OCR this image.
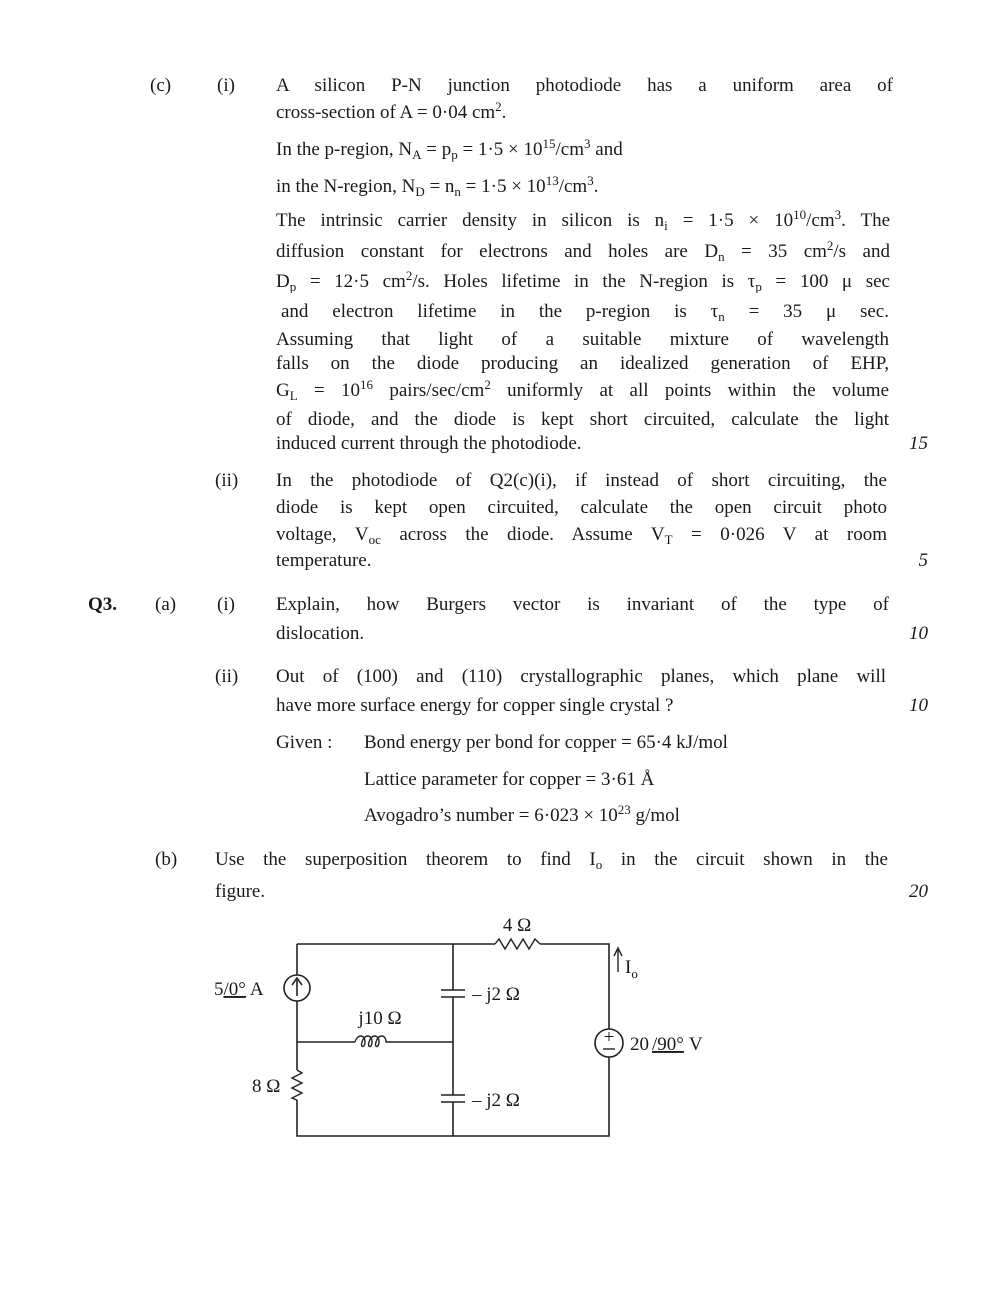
(c) (i) A silicon P-N junction photodiode has a uniform area of
cross-section of A = 0·04 $cm^2$.
In the p-region, $N_A = p_p = 1\cdot 5 \times 10^{15}/cm^3$ and
in the N-region, $N_D = n_n = 1\cdot 5 \times 10^{13}/cm^3$.
The intrinsic carrier density in silicon is $n_i = 1\cdot 5 \times 10^{10}/cm^3$. The
diffusion constant for electrons and holes are $D_n = 35$ $cm^2/s$ and
$D_p = 12\cdot 5$ $cm^2/s$. Holes lifetime in the N-region is $\tau_p = 100$ μ sec
and electron lifetime in the p-region is $\tau_n = 35$ μ sec.
Assuming that light of a suitable mixture of wavelength
falls on the diode producing an idealized generation of EHP,
$G_L = 10^{16}$ pairs/$\sec/cm^2$ uniformly at all points within the volume
of diode, and the diode is kept short circuited, calculate the light
induced current through the photodiode.	15
(ii) In the photodiode of Q2(c)(i), if instead of short circuiting, the
diode is kept open circuited, calculate the open circuit photo
voltage, $V_{oc}$ across the diode. Assume $V_T = 0\cdot 026$ V at room
temperature.	5
Q3. (a) (i) Explain, how Burgers vector is invariant of the type of
dislocation.	10
(ii) Out of (100) and (110) crystallographic planes, which plane will
have more surface energy for copper single crystal ?	10
Given : Bond energy per bond for copper = 65·4 kJ/mol
Lattice parameter for copper = 3·61 Å
Avogadro’s number = $6\cdot 023 \times 10^{23}$ g/mol
(b) Use the superposition theorem to find $I_o$ in the circuit shown in the
figure.	20
+
4 Ω
5/0° A
j10 Ω
– j2 Ω
– j2 Ω
8 Ω
$I_o$
20 /90° V
